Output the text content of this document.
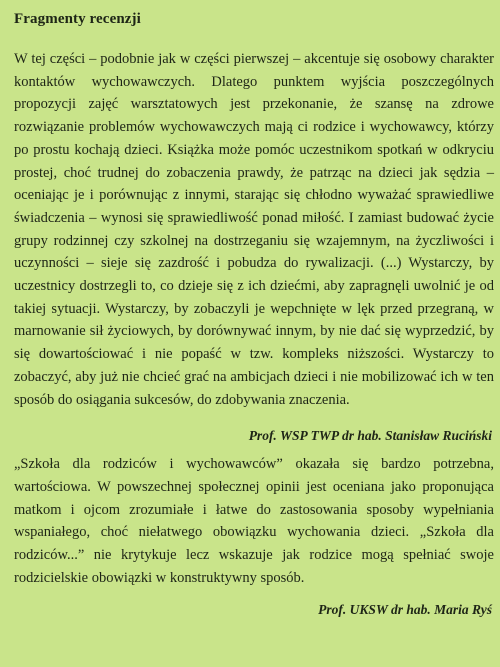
Fragmenty recenzji

W tej części – podobnie jak w części pierwszej – akcentuje się osobowy charakter kontaktów wychowawczych. Dlatego punktem wyjścia poszczególnych propozycji zajęć warsztatowych jest przekonanie, że szansę na zdrowe rozwiązanie problemów wychowawczych mają ci rodzice i wychowawcy, którzy po prostu kochają dzieci. Książka może pomóc uczestnikom spotkań w odkryciu prostej, choć trudnej do zobaczenia prawdy, że patrząc na dzieci jak sędzia – oceniając je i porównując z innymi, starając się chłodno wyważać sprawiedliwe świadczenia – wynosi się sprawiedliwość ponad miłość. I zamiast budować życie grupy rodzinnej czy szkolnej na dostrzeganiu się wzajemnym, na życzliwości i uczynności – sieje się zazdrość i pobudza do rywalizacji. (...) Wystarczy, by uczestnicy dostrzegli to, co dzieje się z ich dziećmi, aby zapragnęli uwolnić je od takiej sytuacji. Wystarczy, by zobaczyli je wepchnięte w lęk przed przegraną, w marnowanie sił życiowych, by dorównywać innym, by nie dać się wyprzedzić, by się dowartościować i nie popaść w tzw. kompleks niższości. Wystarczy to zobaczyć, aby już nie chcieć grać na ambicjach dzieci i nie mobilizować ich w ten sposób do osiągania sukcesów, do zdobywania znaczenia.

Prof. WSP TWP dr hab. Stanisław Ruciński

„Szkoła dla rodziców i wychowawców” okazała się bardzo potrzebna, wartościowa. W powszechnej społecznej opinii jest oceniana jako proponująca matkom i ojcom zrozumiałe i łatwe do zastosowania sposoby wypełniania wspaniałego, choć niełatwego obowiązku wychowania dzieci. „Szkoła dla rodziców...” nie krytykuje lecz wskazuje jak rodzice mogą spełniać swoje rodzicielskie obowiązki w konstruktywny sposób.

Prof. UKSW dr hab. Maria Ryś
